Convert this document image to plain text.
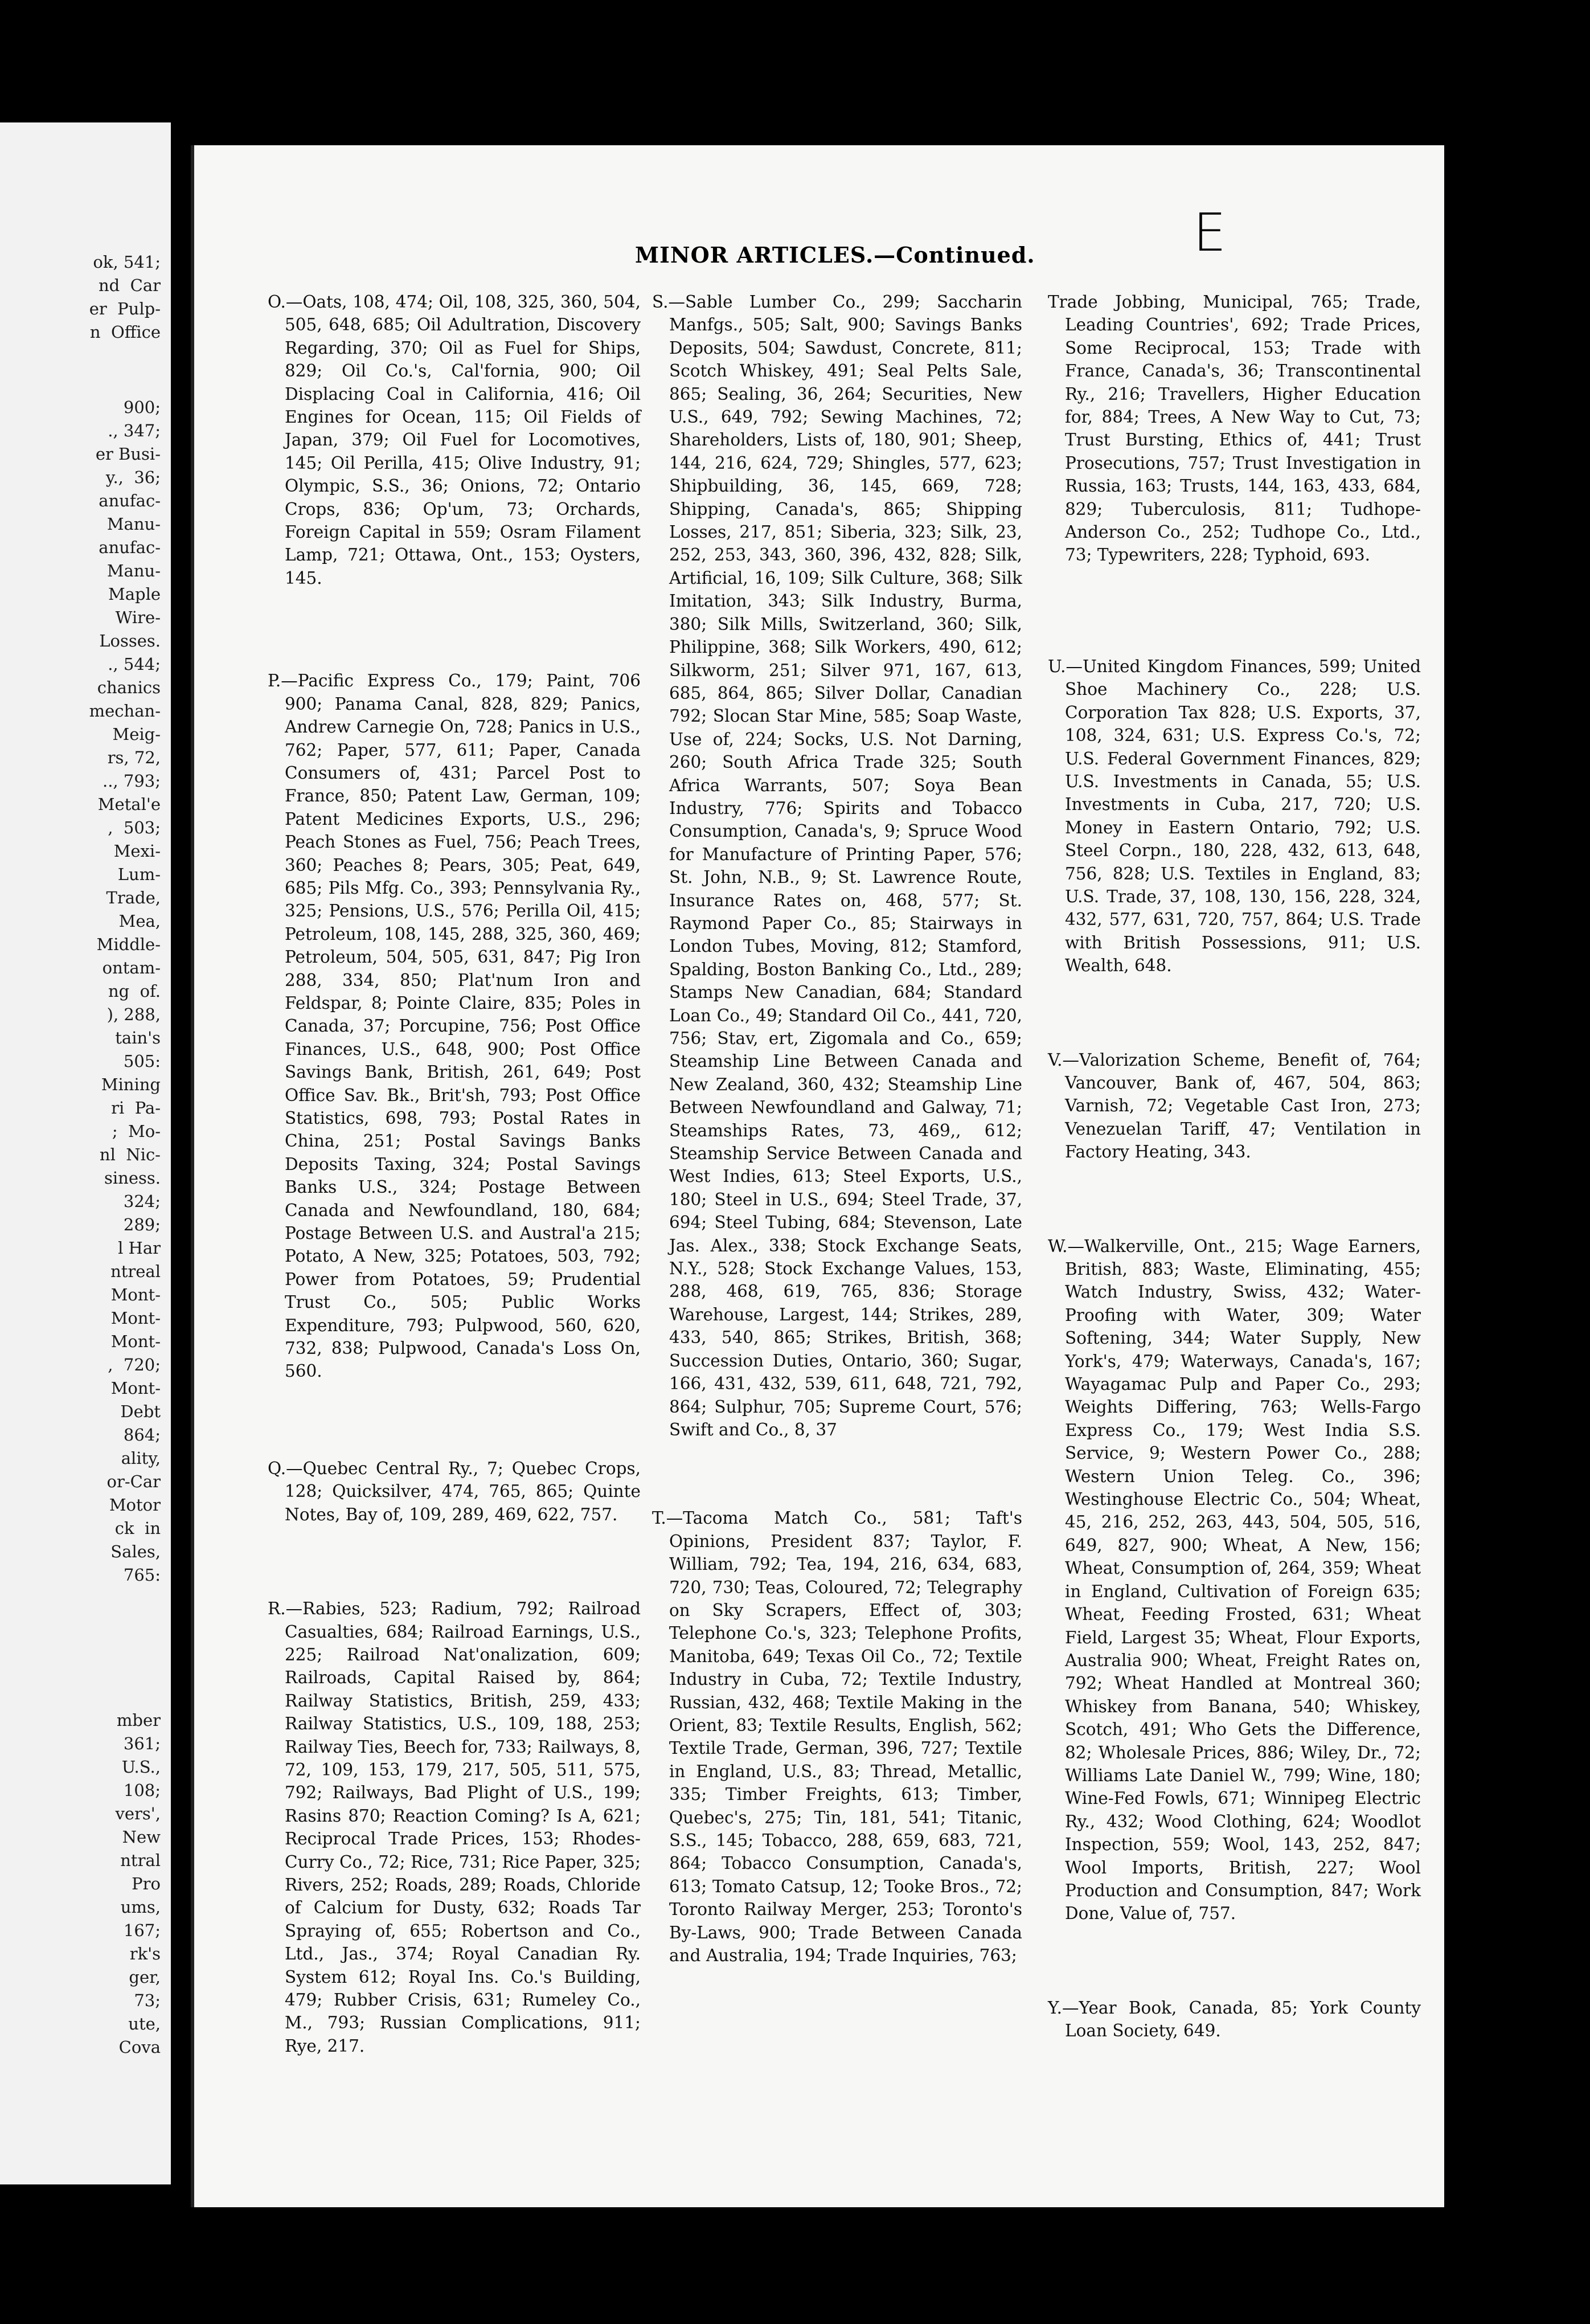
ok, 541;
nd  Car
er  Pulp-
n  Office
900;
., 347;
er Busi-
y.,  36;
anufac-
Manu-
anufac-
Manu-
Maple
Wire-
Losses.
., 544;
chanics
mechan-
Meig-
rs, 72,
.., 793;
Metal'e
,  503;
Mexi-
Lum-
Trade,
Mea,
Middle-
ontam-
ng  of.
), 288,
tain's
505:
Mining
ri  Pa-
;  Mo-
nl  Nic-
siness.
324;
289;
l Har
ntreal
Mont-
Mont-
Mont-
,  720;
Mont-
Debt
864;
ality,
or-Car
Motor
ck  in
Sales,
765:
mber
361;
U.S.,
108;
vers',
New
ntral
Pro
ums,
167;
rk's
ger,
73;
ute,
Cova
E
MINOR ARTICLES.—Continued.

O.—Oats, 108, 474; Oil, 108, 325, 360, 504, 505, 648, 685; Oil Adultration, Discovery Regarding, 370; Oil as Fuel for Ships, 829; Oil Co.'s, Cal'fornia, 900; Oil Displacing Coal in California, 416; Oil Engines for Ocean, 115; Oil Fields of Japan, 379; Oil Fuel for Locomotives, 145; Oil Perilla, 415; Olive Industry, 91; Olympic, S.S., 36; Onions, 72; Ontario Crops, 836; Op'um, 73; Orchards, Foreign Capital in 559; Osram Filament Lamp, 721; Ottawa, Ont., 153; Oysters, 145.

P.—Pacific Express Co., 179; Paint, 706 900; Panama Canal, 828, 829; Panics, Andrew Carnegie On, 728; Panics in U.S., 762; Paper, 577, 611; Paper, Canada Consumers of, 431; Parcel Post to France, 850; Patent Law, German, 109; Patent Medicines Exports, U.S., 296; Peach Stones as Fuel, 756; Peach Trees, 360; Peaches 8; Pears, 305; Peat, 649, 685; Pils Mfg. Co., 393; Pennsylvania Ry., 325; Pensions, U.S., 576; Perilla Oil, 415; Petroleum, 108, 145, 288, 325, 360, 469; Petroleum, 504, 505, 631, 847; Pig Iron 288, 334, 850; Plat'num Iron and Feldspar, 8; Pointe Claire, 835; Poles in Canada, 37; Porcupine, 756; Post Office Finances, U.S., 648, 900; Post Office Savings Bank, British, 261, 649; Post Office Sav. Bk., Brit'sh, 793; Post Office Statistics, 698, 793; Postal Rates in China, 251; Postal Savings Banks Deposits Taxing, 324; Postal Savings Banks U.S., 324; Postage Between Canada and Newfoundland, 180, 684; Postage Between U.S. and Austral'a 215; Potato, A New, 325; Potatoes, 503, 792; Power from Potatoes, 59; Prudential Trust Co., 505; Public Works Expenditure, 793; Pulpwood, 560, 620, 732, 838; Pulpwood, Canada's Loss On, 560.

Q.—Quebec Central Ry., 7; Quebec Crops, 128; Quicksilver, 474, 765, 865; Quinte Notes, Bay of, 109, 289, 469, 622, 757.

R.—Rabies, 523; Radium, 792; Railroad Casualties, 684; Railroad Earnings, U.S., 225; Railroad Nat'onalization, 609; Railroads, Capital Raised by, 864; Railway Statistics, British, 259, 433; Railway Statistics, U.S., 109, 188, 253; Railway Ties, Beech for, 733; Railways, 8, 72, 109, 153, 179, 217, 505, 511, 575, 792; Railways, Bad Plight of U.S., 199; Rasins 870; Reaction Coming? Is A, 621; Reciprocal Trade Prices, 153; Rhodes-Curry Co., 72; Rice, 731; Rice Paper, 325; Rivers, 252; Roads, 289; Roads, Chloride of Calcium for Dusty, 632; Roads Tar Spraying of, 655; Robertson and Co., Ltd., Jas., 374; Royal Canadian Ry. System 612; Royal Ins. Co.'s Building, 479; Rubber Crisis, 631; Rumeley Co., M., 793; Russian Complications, 911; Rye, 217.

S.—Sable Lumber Co., 299; Saccharin Manfgs., 505; Salt, 900; Savings Banks Deposits, 504; Sawdust, Concrete, 811; Scotch Whiskey, 491; Seal Pelts Sale, 865; Sealing, 36, 264; Securities, New U.S., 649, 792; Sewing Machines, 72; Shareholders, Lists of, 180, 901; Sheep, 144, 216, 624, 729; Shingles, 577, 623; Shipbuilding, 36, 145, 669, 728; Shipping, Canada's, 865; Shipping Losses, 217, 851; Siberia, 323; Silk, 23, 252, 253, 343, 360, 396, 432, 828; Silk, Artificial, 16, 109; Silk Culture, 368; Silk Imitation, 343; Silk Industry, Burma, 380; Silk Mills, Switzerland, 360; Silk, Philippine, 368; Silk Workers, 490, 612; Silkworm, 251; Silver 971, 167, 613, 685, 864, 865; Silver Dollar, Canadian 792; Slocan Star Mine, 585; Soap Waste, Use of, 224; Socks, U.S. Not Darning, 260; South Africa Trade 325; South Africa Warrants, 507; Soya Bean Industry, 776; Spirits and Tobacco Consumption, Canada's, 9; Spruce Wood for Manufacture of Printing Paper, 576; St. John, N.B., 9; St. Lawrence Route, Insurance Rates on, 468, 577; St. Raymond Paper Co., 85; Stairways in London Tubes, Moving, 812; Stamford, Spalding, Boston Banking Co., Ltd., 289; Stamps New Canadian, 684; Standard Loan Co., 49; Standard Oil Co., 441, 720, 756; Stav, ert, Zigomala and Co., 659; Steamship Line Between Canada and New Zealand, 360, 432; Steamship Line Between Newfoundland and Galway, 71; Steamships Rates, 73, 469,, 612; Steamship Service Between Canada and West Indies, 613; Steel Exports, U.S., 180; Steel in U.S., 694; Steel Trade, 37, 694; Steel Tubing, 684; Stevenson, Late Jas. Alex., 338; Stock Exchange Seats, N.Y., 528; Stock Exchange Values, 153, 288, 468, 619, 765, 836; Storage Warehouse, Largest, 144; Strikes, 289, 433, 540, 865; Strikes, British, 368; Succession Duties, Ontario, 360; Sugar, 166, 431, 432, 539, 611, 648, 721, 792, 864; Sulphur, 705; Supreme Court, 576; Swift and Co., 8, 37

T.—Tacoma Match Co., 581; Taft's Opinions, President 837; Taylor, F. William, 792; Tea, 194, 216, 634, 683, 720, 730; Teas, Coloured, 72; Telegraphy on Sky Scrapers, Effect of, 303; Telephone Co.'s, 323; Telephone Profits, Manitoba, 649; Texas Oil Co., 72; Textile Industry in Cuba, 72; Textile Industry, Russian, 432, 468; Textile Making in the Orient, 83; Textile Results, English, 562; Textile Trade, German, 396, 727; Textile in England, U.S., 83; Thread, Metallic, 335; Timber Freights, 613; Timber, Quebec's, 275; Tin, 181, 541; Titanic, S.S., 145; Tobacco, 288, 659, 683, 721, 864; Tobacco Consumption, Canada's, 613; Tomato Catsup, 12; Tooke Bros., 72; Toronto Railway Merger, 253; Toronto's By-Laws, 900; Trade Between Canada and Australia, 194; Trade Inquiries, 763;

Trade Jobbing, Municipal, 765; Trade, Leading Countries', 692; Trade Prices, Some Reciprocal, 153; Trade with France, Canada's, 36; Transcontinental Ry., 216; Travellers, Higher Education for, 884; Trees, A New Way to Cut, 73; Trust Bursting, Ethics of, 441; Trust Prosecutions, 757; Trust Investigation in Russia, 163; Trusts, 144, 163, 433, 684, 829; Tuberculosis, 811; Tudhope-Anderson Co., 252; Tudhope Co., Ltd., 73; Typewriters, 228; Typhoid, 693.

U.—United Kingdom Finances, 599; United Shoe Machinery Co., 228; U.S. Corporation Tax 828; U.S. Exports, 37, 108, 324, 631; U.S. Express Co.'s, 72; U.S. Federal Government Finances, 829; U.S. Investments in Canada, 55; U.S. Investments in Cuba, 217, 720; U.S. Money in Eastern Ontario, 792; U.S. Steel Corpn., 180, 228, 432, 613, 648, 756, 828; U.S. Textiles in England, 83; U.S. Trade, 37, 108, 130, 156, 228, 324, 432, 577, 631, 720, 757, 864; U.S. Trade with British Possessions, 911; U.S. Wealth, 648.

V.—Valorization Scheme, Benefit of, 764; Vancouver, Bank of, 467, 504, 863; Varnish, 72; Vegetable Cast Iron, 273; Venezuelan Tariff, 47; Ventilation in Factory Heating, 343.

W.—Walkerville, Ont., 215; Wage Earners, British, 883; Waste, Eliminating, 455; Watch Industry, Swiss, 432; Water-Proofing with Water, 309; Water Softening, 344; Water Supply, New York's, 479; Waterways, Canada's, 167; Wayagamac Pulp and Paper Co., 293; Weights Differing, 763; Wells-Fargo Express Co., 179; West India S.S. Service, 9; Western Power Co., 288; Western Union Teleg. Co., 396; Westinghouse Electric Co., 504; Wheat, 45, 216, 252, 263, 443, 504, 505, 516, 649, 827, 900; Wheat, A New, 156; Wheat, Consumption of, 264, 359; Wheat in England, Cultivation of Foreign 635; Wheat, Feeding Frosted, 631; Wheat Field, Largest 35; Wheat, Flour Exports, Australia 900; Wheat, Freight Rates on, 792; Wheat Handled at Montreal 360; Whiskey from Banana, 540; Whiskey, Scotch, 491; Who Gets the Difference, 82; Wholesale Prices, 886; Wiley, Dr., 72; Williams Late Daniel W., 799; Wine, 180; Wine-Fed Fowls, 671; Winnipeg Electric Ry., 432; Wood Clothing, 624; Woodlot Inspection, 559; Wool, 143, 252, 847; Wool Imports, British, 227; Wool Production and Consumption, 847; Work Done, Value of, 757.

Y.—Year Book, Canada, 85; York County Loan Society, 649.
